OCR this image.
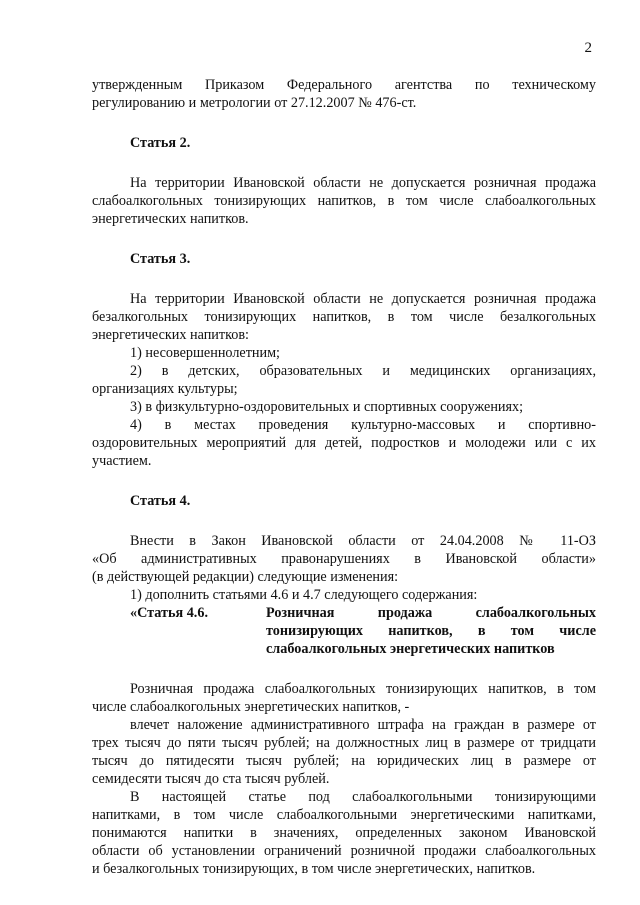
2

утвержденным Приказом Федерального агентства по техническому

регулированию и метрологии от 27.12.2007 № 476-ст.

Статья 2.

На территории Ивановской области не допускается розничная продажа

слабоалкогольных тонизирующих напитков, в том числе слабоалкогольных

энергетических напитков.

Статья 3.

На территории Ивановской области не допускается розничная продажа

безалкогольных тонизирующих напитков, в том числе безалкогольных

энергетических напитков:

1) несовершеннолетним;

2) в детских, образовательных и медицинских организациях,

организациях культуры;

3) в физкультурно-оздоровительных и спортивных сооружениях;

4) в местах проведения культурно-массовых и спортивно-

оздоровительных мероприятий для детей, подростков и молодежи или с их

участием.

Статья 4.

Внести в Закон Ивановской области от 24.04.2008 № 11-ОЗ

«Об административных правонарушениях в Ивановской области»

(в действующей редакции) следующие изменения:

1) дополнить статьями 4.6 и 4.7 следующего содержания:

«Статья 4.6.	Розничная продажа слабоалкогольных

тонизирующих напитков, в том числе

слабоалкогольных энергетических напитков

Розничная продажа слабоалкогольных тонизирующих напитков, в том

числе слабоалкогольных энергетических напитков, -

влечет наложение административного штрафа на граждан в размере от

трех тысяч до пяти тысяч рублей; на должностных лиц в размере от тридцати

тысяч до пятидесяти тысяч рублей; на юридических лиц в размере от

семидесяти тысяч до ста тысяч рублей.

В настоящей статье под слабоалкогольными тонизирующими

напитками, в том числе слабоалкогольными энергетическими напитками,

понимаются напитки в значениях, определенных законом Ивановской

области об установлении ограничений розничной продажи слабоалкогольных

и безалкогольных тонизирующих, в том числе энергетических, напитков.
